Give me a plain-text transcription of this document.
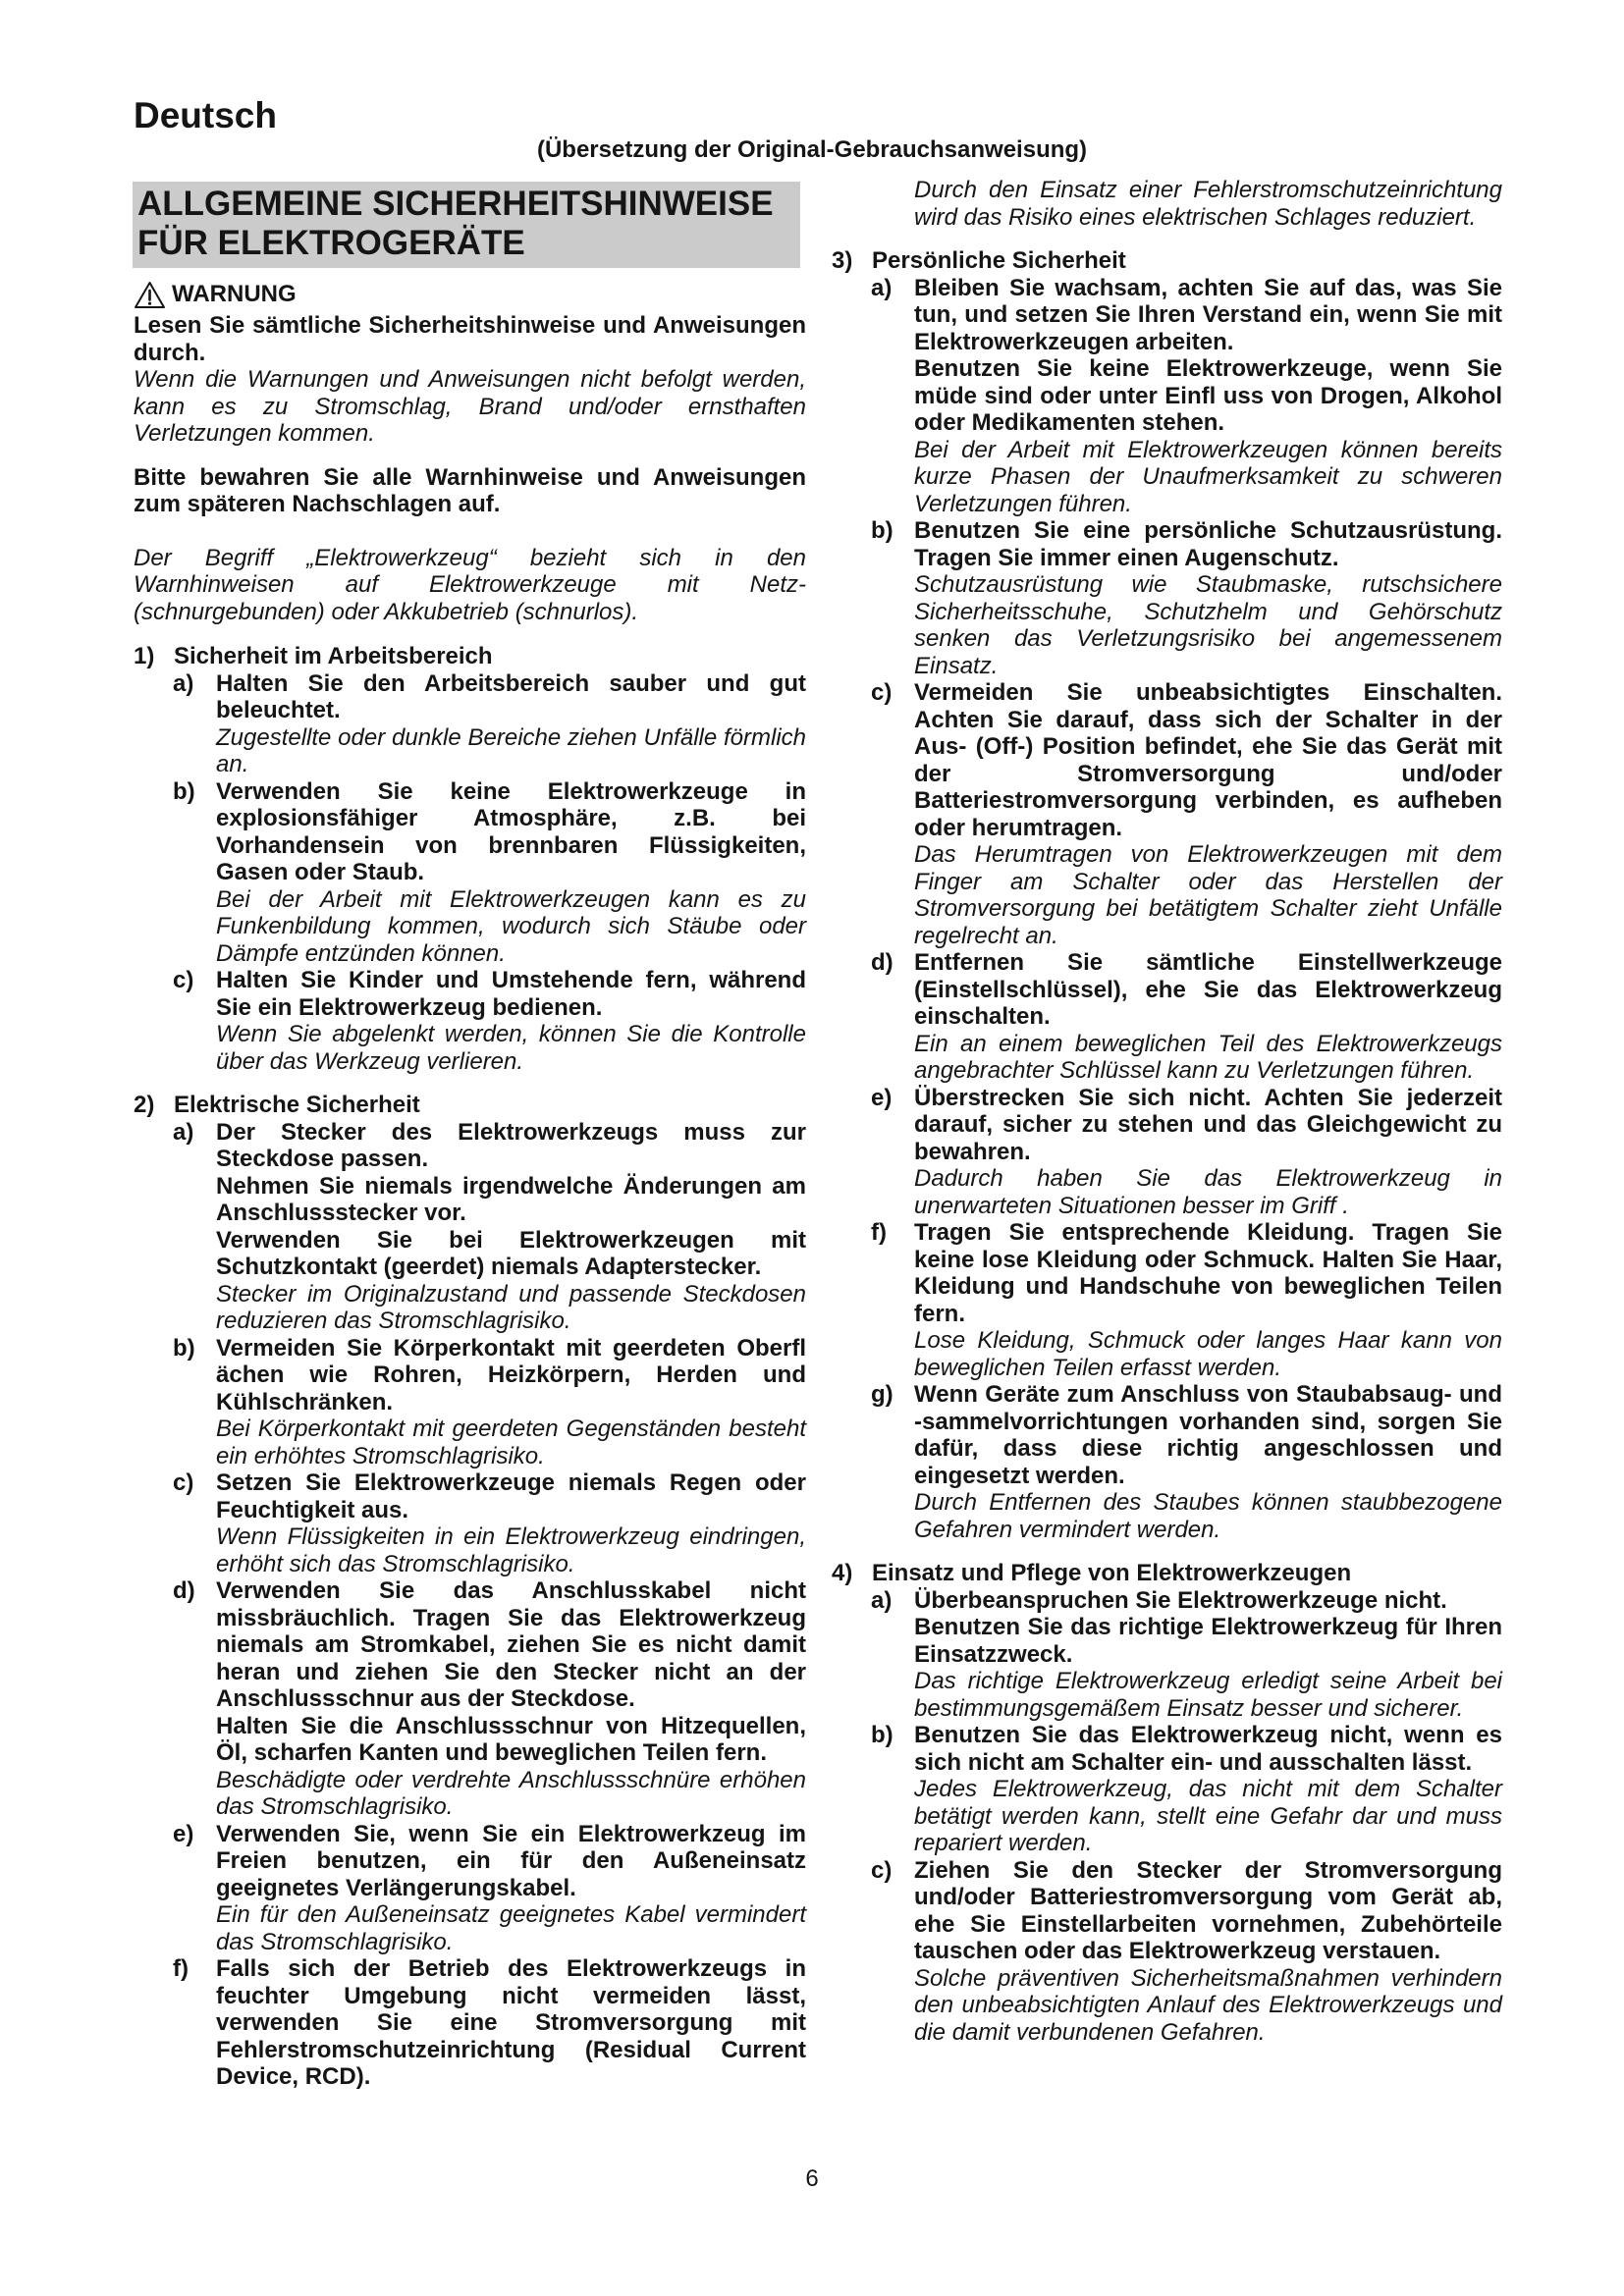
Deutsch
(Übersetzung der Original-Gebrauchsanweisung)
ALLGEMEINE SICHERHEITSHINWEISE
FÜR ELEKTROGERÄTE
WARNUNG

Lesen Sie sämtliche Sicherheitshinweise und Anweisungen durch.

Wenn die Warnungen und Anweisungen nicht befolgt werden, kann es zu Stromschlag, Brand und/oder ernsthaften Verletzungen kommen.

Bitte bewahren Sie alle Warnhinweise und Anweisungen zum späteren Nachschlagen auf.

Der Begriff „Elektrowerkzeug“ bezieht sich in den Warnhinweisen auf Elektrowerkzeuge mit Netz- (schnurgebunden) oder Akkubetrieb (schnurlos).

1) Sicherheit im Arbeitsbereich
a) Halten Sie den Arbeitsbereich sauber und gut beleuchtet.

Zugestellte oder dunkle Bereiche ziehen Unfälle förmlich an.

b) Verwenden Sie keine Elektrowerkzeuge in explosionsfähiger Atmosphäre, z.B. bei Vorhandensein von brennbaren Flüssigkeiten, Gasen oder Staub.

Bei der Arbeit mit Elektrowerkzeugen kann es zu Funkenbildung kommen, wodurch sich Stäube oder Dämpfe entzünden können.

c) Halten Sie Kinder und Umstehende fern, während Sie ein Elektrowerkzeug bedienen.

Wenn Sie abgelenkt werden, können Sie die Kontrolle über das Werkzeug verlieren.

2) Elektrische Sicherheit
a) Der Stecker des Elektrowerkzeugs muss zur Steckdose passen.

Nehmen Sie niemals irgendwelche Änderungen am Anschlussstecker vor.

Verwenden Sie bei Elektrowerkzeugen mit Schutzkontakt (geerdet) niemals Adapterstecker.

Stecker im Originalzustand und passende Steckdosen reduzieren das Stromschlagrisiko.

b) Vermeiden Sie Körperkontakt mit geerdeten Oberfl ächen wie Rohren, Heizkörpern, Herden und Kühlschränken.

Bei Körperkontakt mit geerdeten Gegenständen besteht ein erhöhtes Stromschlagrisiko.

c) Setzen Sie Elektrowerkzeuge niemals Regen oder Feuchtigkeit aus.

Wenn Flüssigkeiten in ein Elektrowerkzeug eindringen, erhöht sich das Stromschlagrisiko.

d) Verwenden Sie das Anschlusskabel nicht missbräuchlich. Tragen Sie das Elektrowerkzeug niemals am Stromkabel, ziehen Sie es nicht damit heran und ziehen Sie den Stecker nicht an der Anschlussschnur aus der Steckdose.

Halten Sie die Anschlussschnur von Hitzequellen, Öl, scharfen Kanten und beweglichen Teilen fern.

Beschädigte oder verdrehte Anschlussschnüre erhöhen das Stromschlagrisiko.

e) Verwenden Sie, wenn Sie ein Elektrowerkzeug im Freien benutzen, ein für den Außeneinsatz geeignetes Verlängerungskabel.

Ein für den Außeneinsatz geeignetes Kabel vermindert das Stromschlagrisiko.

f) Falls sich der Betrieb des Elektrowerkzeugs in feuchter Umgebung nicht vermeiden lässt, verwenden Sie eine Stromversorgung mit Fehlerstromschutzeinrichtung (Residual Current Device, RCD).

Durch den Einsatz einer Fehlerstromschutzeinrichtung wird das Risiko eines elektrischen Schlages reduziert.

3) Persönliche Sicherheit
a) Bleiben Sie wachsam, achten Sie auf das, was Sie tun, und setzen Sie Ihren Verstand ein, wenn Sie mit Elektrowerkzeugen arbeiten.

Benutzen Sie keine Elektrowerkzeuge, wenn Sie müde sind oder unter Einfl uss von Drogen, Alkohol oder Medikamenten stehen.

Bei der Arbeit mit Elektrowerkzeugen können bereits kurze Phasen der Unaufmerksamkeit zu schweren Verletzungen führen.

b) Benutzen Sie eine persönliche Schutzausrüstung. Tragen Sie immer einen Augenschutz.

Schutzausrüstung wie Staubmaske, rutschsichere Sicherheitsschuhe, Schutzhelm und Gehörschutz senken das Verletzungsrisiko bei angemessenem Einsatz.

c) Vermeiden Sie unbeabsichtigtes Einschalten. Achten Sie darauf, dass sich der Schalter in der Aus- (Off-) Position befindet, ehe Sie das Gerät mit der Stromversorgung und/oder Batteriestromversorgung verbinden, es aufheben oder herumtragen.

Das Herumtragen von Elektrowerkzeugen mit dem Finger am Schalter oder das Herstellen der Stromversorgung bei betätigtem Schalter zieht Unfälle regelrecht an.

d) Entfernen Sie sämtliche Einstellwerkzeuge (Einstellschlüssel), ehe Sie das Elektrowerkzeug einschalten.

Ein an einem beweglichen Teil des Elektrowerkzeugs angebrachter Schlüssel kann zu Verletzungen führen.

e) Überstrecken Sie sich nicht. Achten Sie jederzeit darauf, sicher zu stehen und das Gleichgewicht zu bewahren.

Dadurch haben Sie das Elektrowerkzeug in unerwarteten Situationen besser im Griff .

f) Tragen Sie entsprechende Kleidung. Tragen Sie keine lose Kleidung oder Schmuck. Halten Sie Haar, Kleidung und Handschuhe von beweglichen Teilen fern.

Lose Kleidung, Schmuck oder langes Haar kann von beweglichen Teilen erfasst werden.

g) Wenn Geräte zum Anschluss von Staubabsaug- und -sammelvorrichtungen vorhanden sind, sorgen Sie dafür, dass diese richtig angeschlossen und eingesetzt werden.

Durch Entfernen des Staubes können staubbezogene Gefahren vermindert werden.

4) Einsatz und Pflege von Elektrowerkzeugen
a) Überbeanspruchen Sie Elektrowerkzeuge nicht.

Benutzen Sie das richtige Elektrowerkzeug für Ihren Einsatzzweck.

Das richtige Elektrowerkzeug erledigt seine Arbeit bei bestimmungsgemäßem Einsatz besser und sicherer.

b) Benutzen Sie das Elektrowerkzeug nicht, wenn es sich nicht am Schalter ein- und ausschalten lässt.

Jedes Elektrowerkzeug, das nicht mit dem Schalter betätigt werden kann, stellt eine Gefahr dar und muss repariert werden.

c) Ziehen Sie den Stecker der Stromversorgung und/oder Batteriestromversorgung vom Gerät ab, ehe Sie Einstellarbeiten vornehmen, Zubehörteile tauschen oder das Elektrowerkzeug verstauen.

Solche präventiven Sicherheitsmaßnahmen verhindern den unbeabsichtigten Anlauf des Elektrowerkzeugs und die damit verbundenen Gefahren.

6
